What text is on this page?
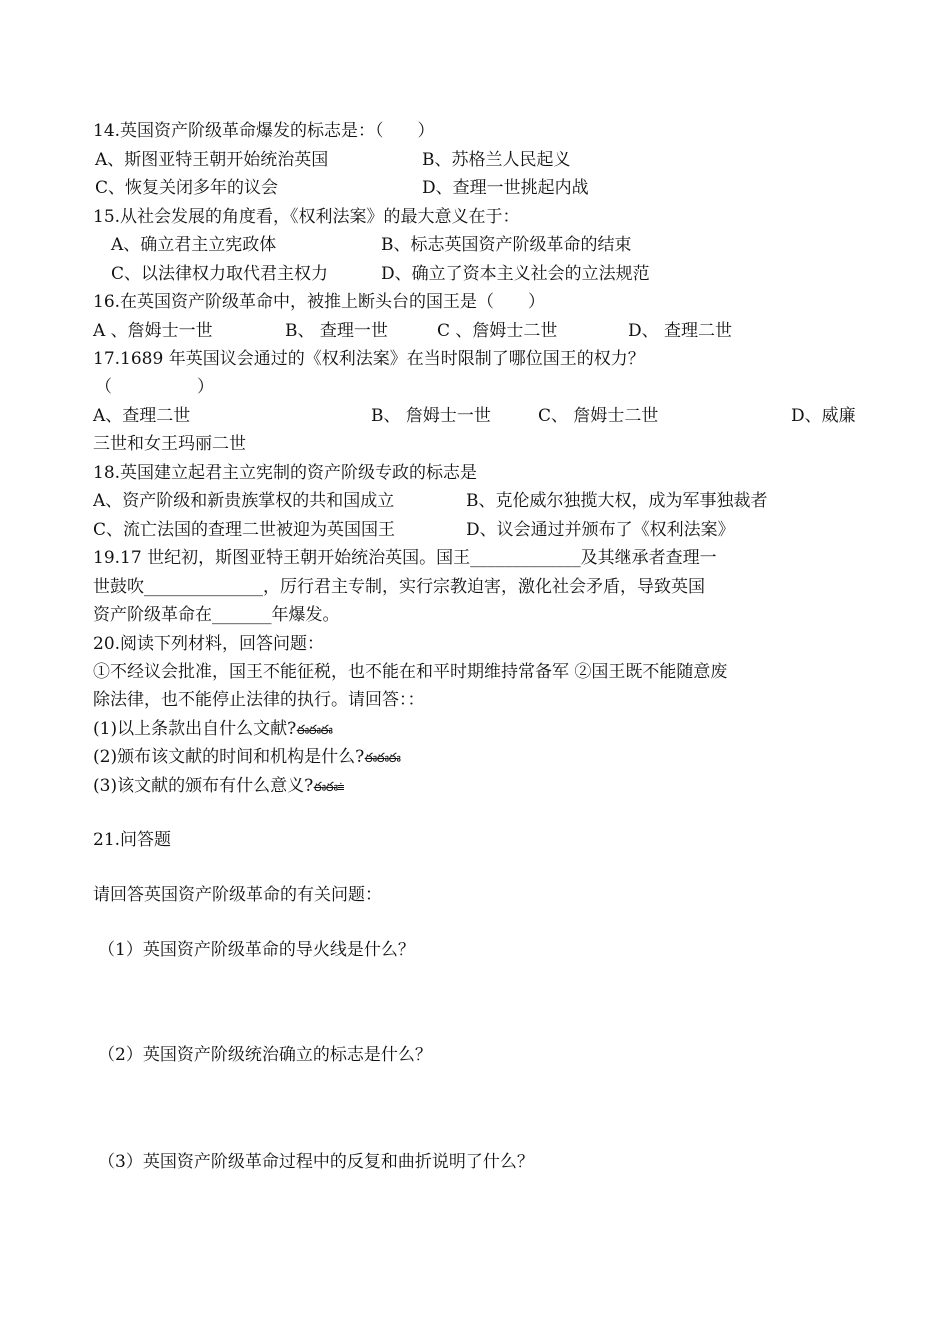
14.英国资产阶级革命爆发的标志是：（　　）

A、斯图亚特王朝开始统治英国	B、苏格兰人民起义
C、恢复关闭多年的议会	D、查理一世挑起内战

15.从社会发展的角度看，《权利法案》的最大意义在于：

A、确立君主立宪政体	B、标志英国资产阶级革命的结束
C、以法律权力取代君主权力	D、确立了资本主义社会的立法规范

16.在英国资产阶级革命中，被推上断头台的国王是（　　）

A 、詹姆士一世	B、 查理一世	C 、詹姆士二世	D、 查理二世

17.1689 年英国议会通过的《权利法案》在当时限制了哪位国王的权力？

（　　　　　）

A、查理二世	B、 詹姆士一世	C、 詹姆士二世	D、威廉

三世和女王玛丽二世

18.英国建立起君主立宪制的资产阶级专政的标志是

A、资产阶级和新贵族掌权的共和国成立	B、克伦威尔独揽大权，成为军事独裁者
C、流亡法国的查理二世被迎为英国国王	D、议会通过并颁布了《权利法案》

19.17 世纪初，斯图亚特王朝开始统治英国。国王_____________及其继承者查理一

世鼓吹______________，厉行君主专制，实行宗教迫害，激化社会矛盾，导致英国

资产阶级革命在_______年爆发。

20.阅读下列材料，回答问题：

①不经议会批准，国王不能征税，也不能在和平时期维持常备军 ②国王既不能随意废

除法律，也不能停止法律的执行。请回答：：

(1)以上条款出自什么文献?ఈఈఈ

(2)颁布该文献的时间和机构是什么?ఈఈఈ

(3)该文献的颁布有什么意义?ఈఈ⩧

21.问答题

请回答英国资产阶级革命的有关问题：

（1）英国资产阶级革命的导火线是什么？

（2）英国资产阶级统治确立的标志是什么？

（3）英国资产阶级革命过程中的反复和曲折说明了什么？
